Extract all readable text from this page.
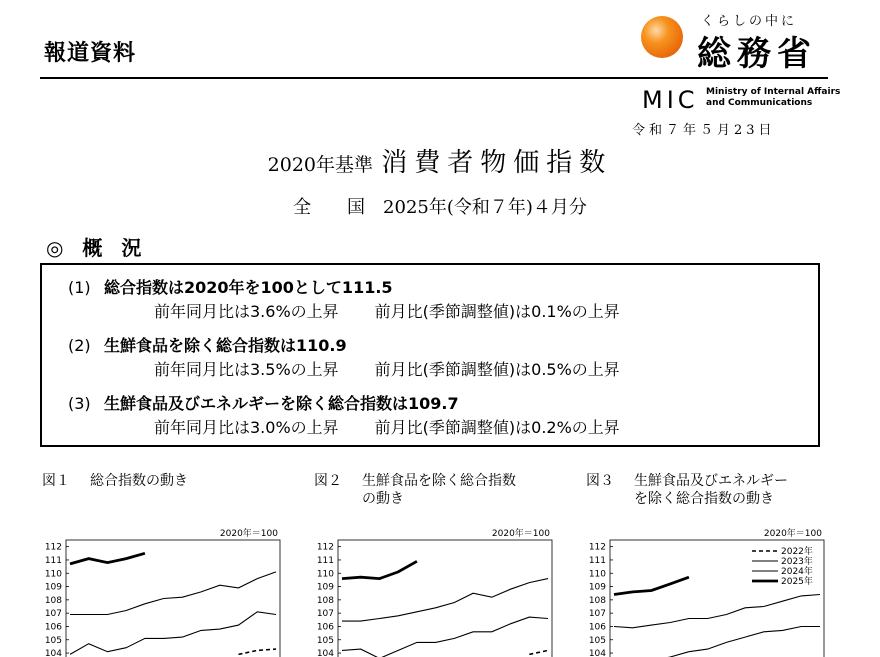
報道資料
くらしの中に
総務省
MIC Ministry of Internal Affairs
and Communications
令和７年５月23日
2020年基準 消費者物価指数
全　　国　2025年(令和７年)４月分
◎ 概 況
(1) 総合指数は2020年を100として111.5
前年同月比は3.6%の上昇 前月比(季節調整値)は0.1%の上昇
(2) 生鮮食品を除く総合指数は110.9
前年同月比は3.5%の上昇 前月比(季節調整値)は0.5%の上昇
(3) 生鮮食品及びエネルギーを除く総合指数は109.7
前年同月比は3.0%の上昇 前月比(季節調整値)は0.2%の上昇
図１ 総合指数の動き	図２ 生鮮食品を除く総合指数
の動き
図３ 生鮮食品及びエネルギー
を除く総合指数の動き
2020年＝100
104
105
106
107
108
109
110
111
112
2020年＝100
104
105
106
107
108
109
110
111
112
2020年＝100
104
105
106
107
108
109
110
111
112	2022年
2023年
2024年
2025年
